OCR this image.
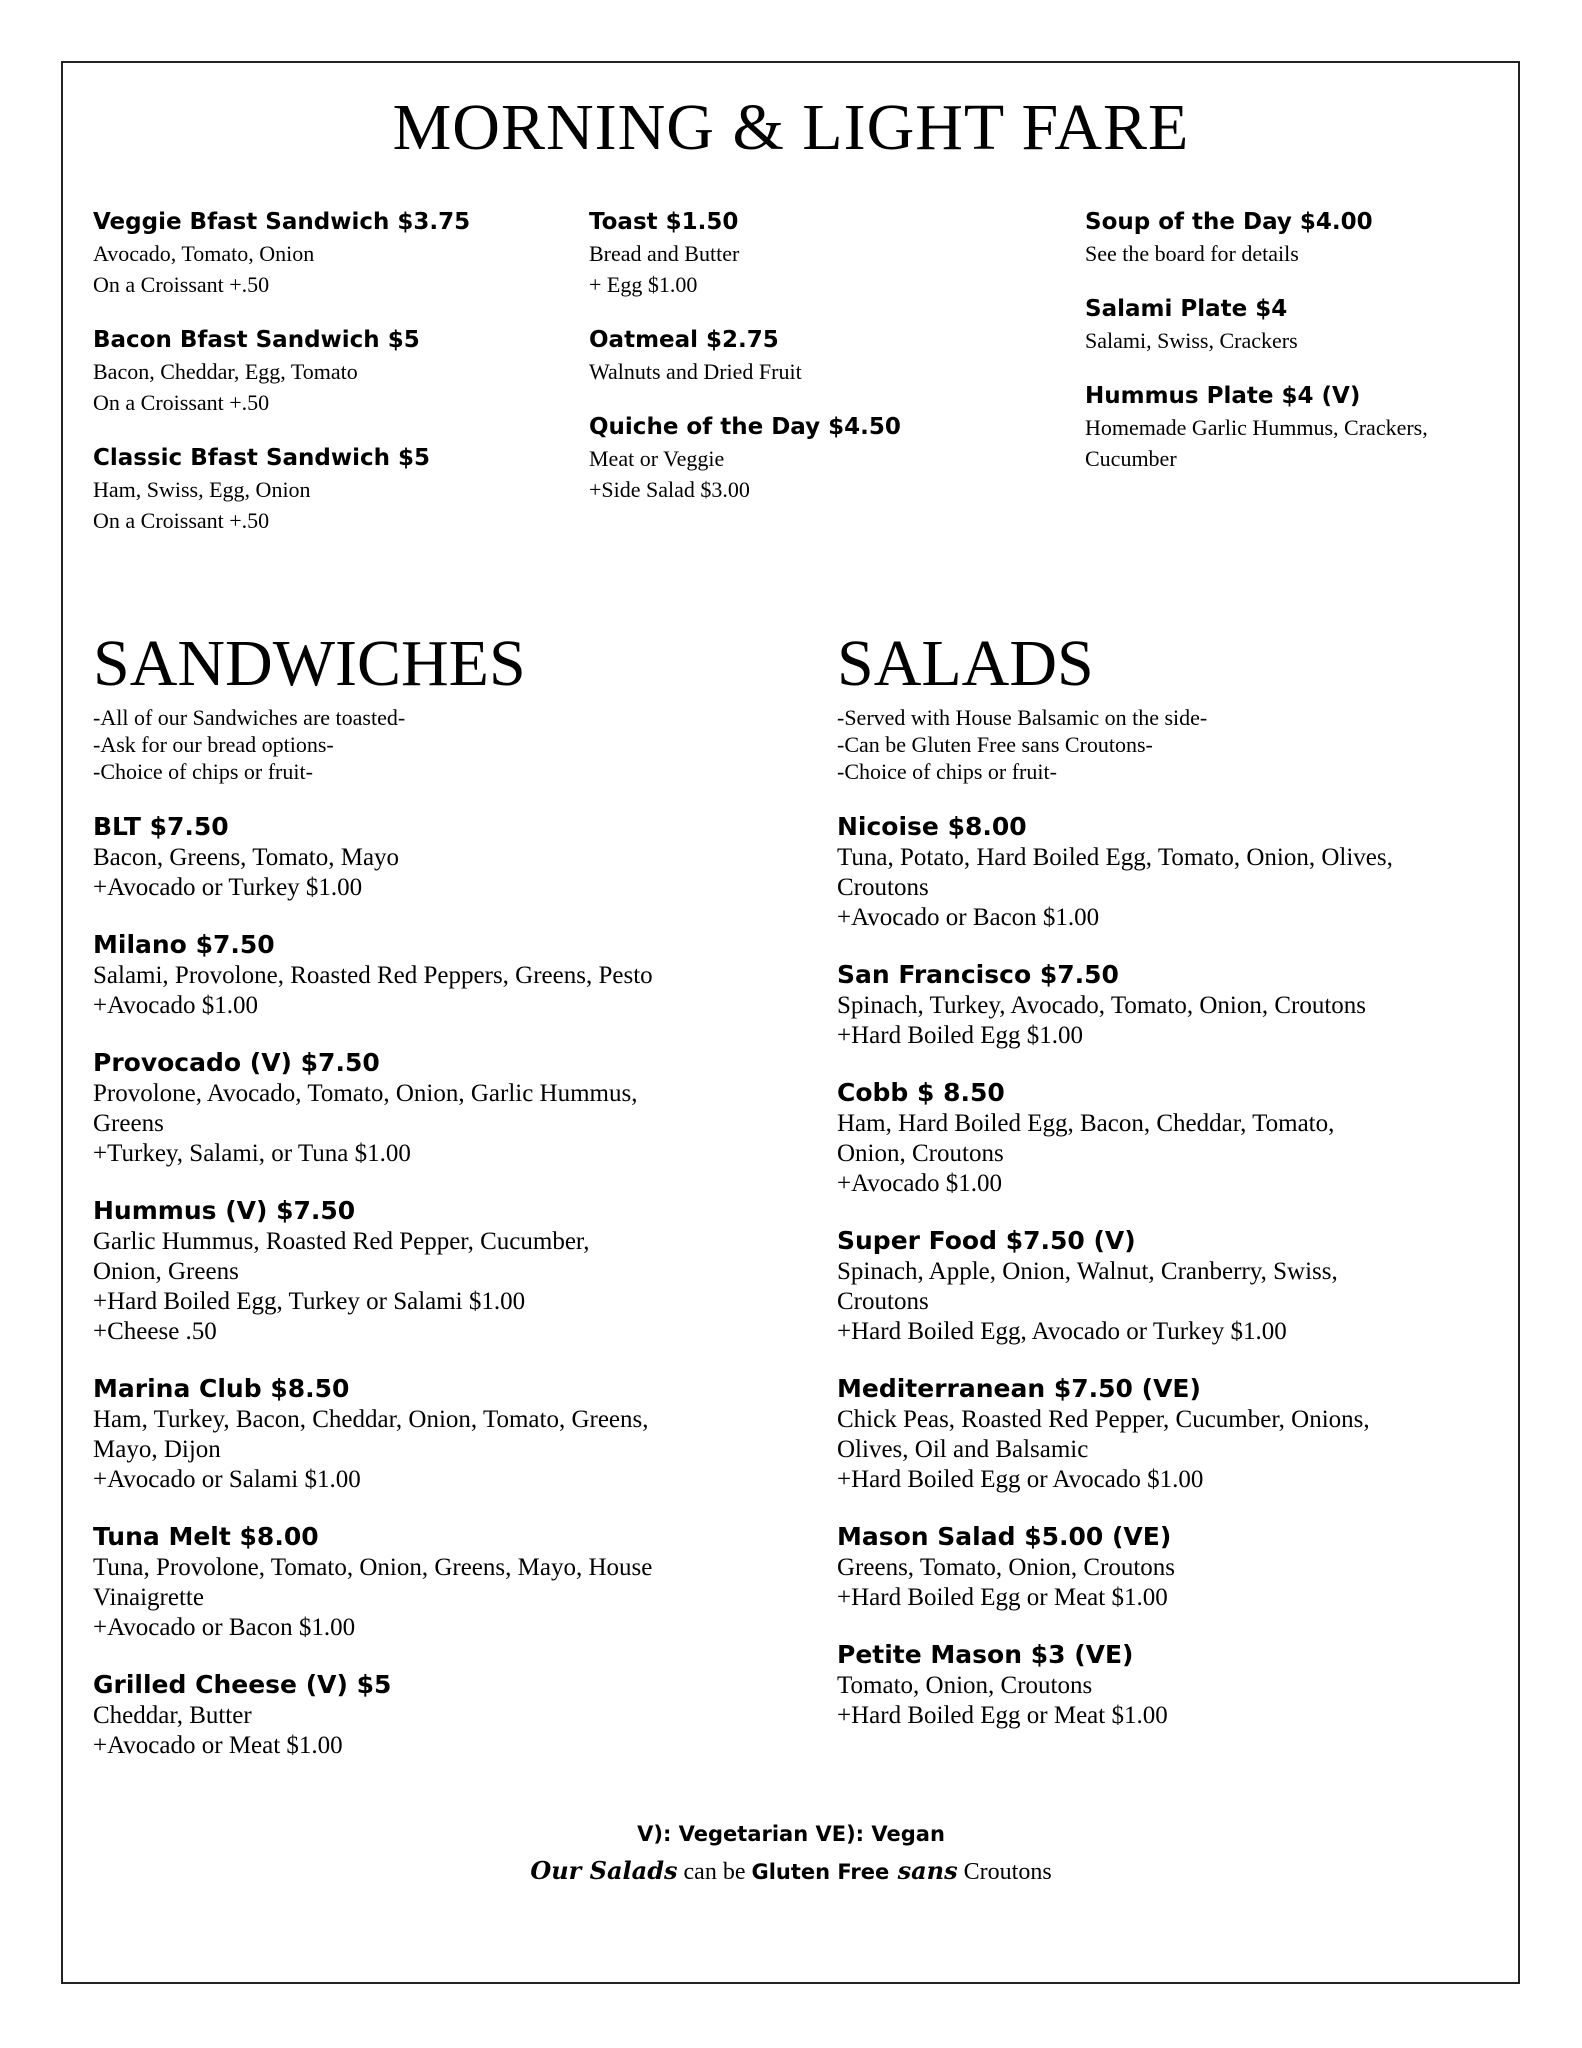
MORNING & LIGHT FARE
Veggie Bfast Sandwich $3.75
Avocado, Tomato, Onion
On a Croissant +.50
Bacon Bfast Sandwich $5
Bacon, Cheddar, Egg, Tomato
On a Croissant +.50
Classic Bfast Sandwich $5
Ham, Swiss, Egg, Onion
On a Croissant +.50
Toast $1.50
Bread and Butter
+ Egg $1.00
Oatmeal $2.75
Walnuts and Dried Fruit
Quiche of the Day $4.50
Meat or Veggie
+Side Salad $3.00
Soup of the Day $4.00
See the board for details
Salami Plate $4
Salami, Swiss, Crackers
Hummus Plate $4 (V)
Homemade Garlic Hummus, Crackers,
Cucumber
SANDWICHES
-All of our Sandwiches are toasted-
-Ask for our bread options-
-Choice of chips or fruit-
BLT $7.50
Bacon, Greens, Tomato, Mayo
+Avocado or Turkey $1.00
Milano $7.50
Salami, Provolone, Roasted Red Peppers, Greens, Pesto
+Avocado $1.00
Provocado (V) $7.50
Provolone, Avocado, Tomato, Onion, Garlic Hummus,
Greens
+Turkey, Salami, or Tuna $1.00
Hummus (V) $7.50
Garlic Hummus, Roasted Red Pepper, Cucumber,
Onion, Greens
+Hard Boiled Egg, Turkey or Salami $1.00
+Cheese .50
Marina Club $8.50
Ham, Turkey, Bacon, Cheddar, Onion, Tomato, Greens,
Mayo, Dijon
+Avocado or Salami $1.00
Tuna Melt $8.00
Tuna, Provolone, Tomato, Onion, Greens, Mayo, House
Vinaigrette
+Avocado or Bacon $1.00
Grilled Cheese (V) $5
Cheddar, Butter
+Avocado or Meat $1.00
SALADS
-Served with House Balsamic on the side-
-Can be Gluten Free sans Croutons-
-Choice of chips or fruit-
Nicoise $8.00
Tuna, Potato, Hard Boiled Egg, Tomato, Onion, Olives,
Croutons
+Avocado or Bacon $1.00
San Francisco $7.50
Spinach, Turkey, Avocado, Tomato, Onion, Croutons
+Hard Boiled Egg $1.00
Cobb $ 8.50
Ham, Hard Boiled Egg, Bacon, Cheddar, Tomato,
Onion, Croutons
+Avocado $1.00
Super Food $7.50 (V)
Spinach, Apple, Onion, Walnut, Cranberry, Swiss,
Croutons
+Hard Boiled Egg, Avocado or Turkey $1.00
Mediterranean $7.50 (VE)
Chick Peas, Roasted Red Pepper, Cucumber, Onions,
Olives, Oil and Balsamic
+Hard Boiled Egg or Avocado $1.00
Mason Salad $5.00 (VE)
Greens, Tomato, Onion, Croutons
+Hard Boiled Egg or Meat $1.00
Petite Mason $3 (VE)
Tomato, Onion, Croutons
+Hard Boiled Egg or Meat $1.00
V): Vegetarian VE): Vegan
Our Salads can be Gluten Free sans Croutons
